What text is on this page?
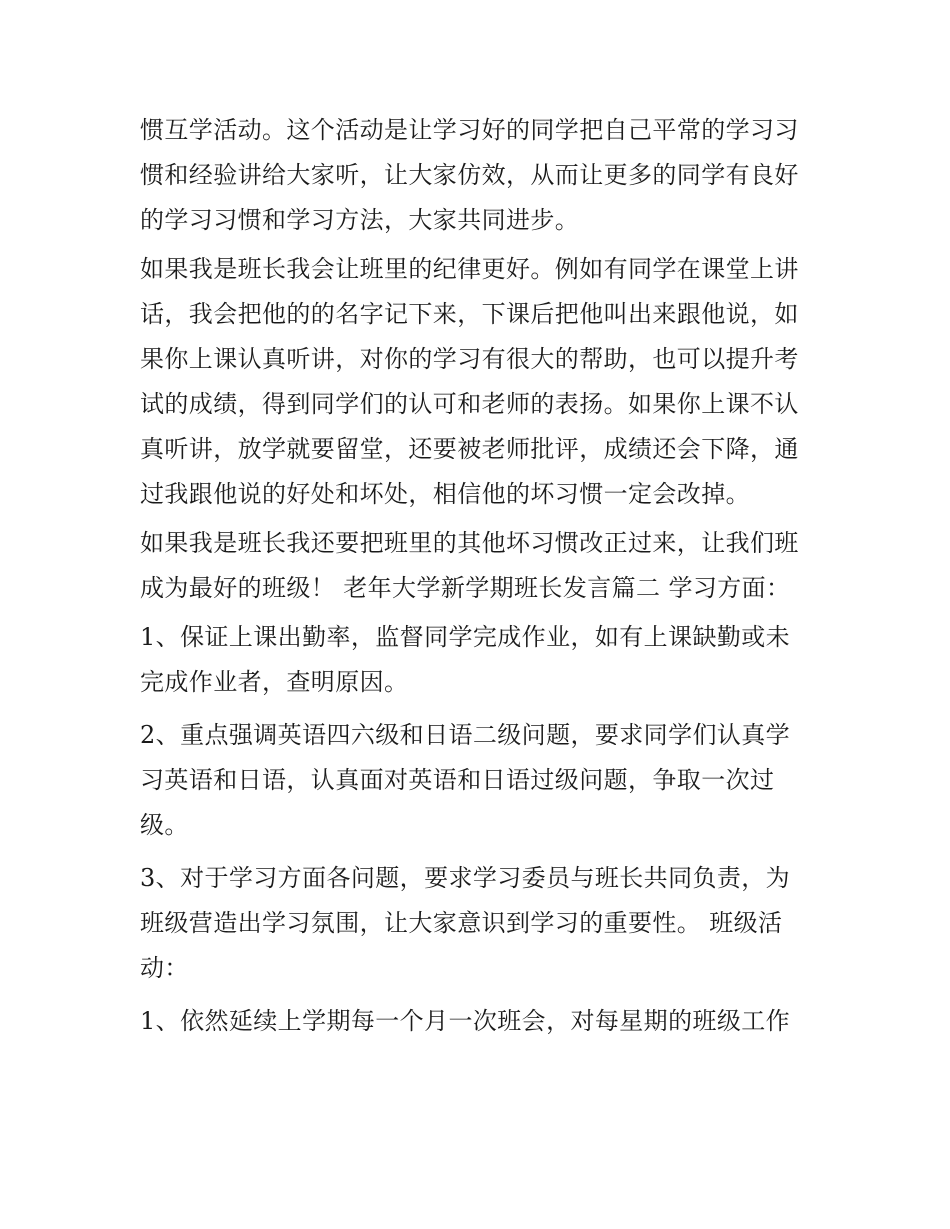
惯互学活动。这个活动是让学习好的同学把自己平常的学习习

惯和经验讲给大家听，让大家仿效，从而让更多的同学有良好

的学习习惯和学习方法，大家共同进步。

如果我是班长我会让班里的纪律更好。例如有同学在课堂上讲

话，我会把他的的名字记下来，下课后把他叫出来跟他说，如

果你上课认真听讲，对你的学习有很大的帮助，也可以提升考

试的成绩，得到同学们的认可和老师的表扬。如果你上课不认

真听讲，放学就要留堂，还要被老师批评，成绩还会下降，通

过我跟他说的好处和坏处，相信他的坏习惯一定会改掉。

如果我是班长我还要把班里的其他坏习惯改正过来，让我们班

成为最好的班级！ 老年大学新学期班长发言篇二 学习方面：

1、保证上课出勤率，监督同学完成作业，如有上课缺勤或未

完成作业者，查明原因。

2、重点强调英语四六级和日语二级问题，要求同学们认真学

习英语和日语，认真面对英语和日语过级问题，争取一次过

级。

3、对于学习方面各问题，要求学习委员与班长共同负责，为

班级营造出学习氛围，让大家意识到学习的重要性。 班级活

动：

1、依然延续上学期每一个月一次班会，对每星期的班级工作
